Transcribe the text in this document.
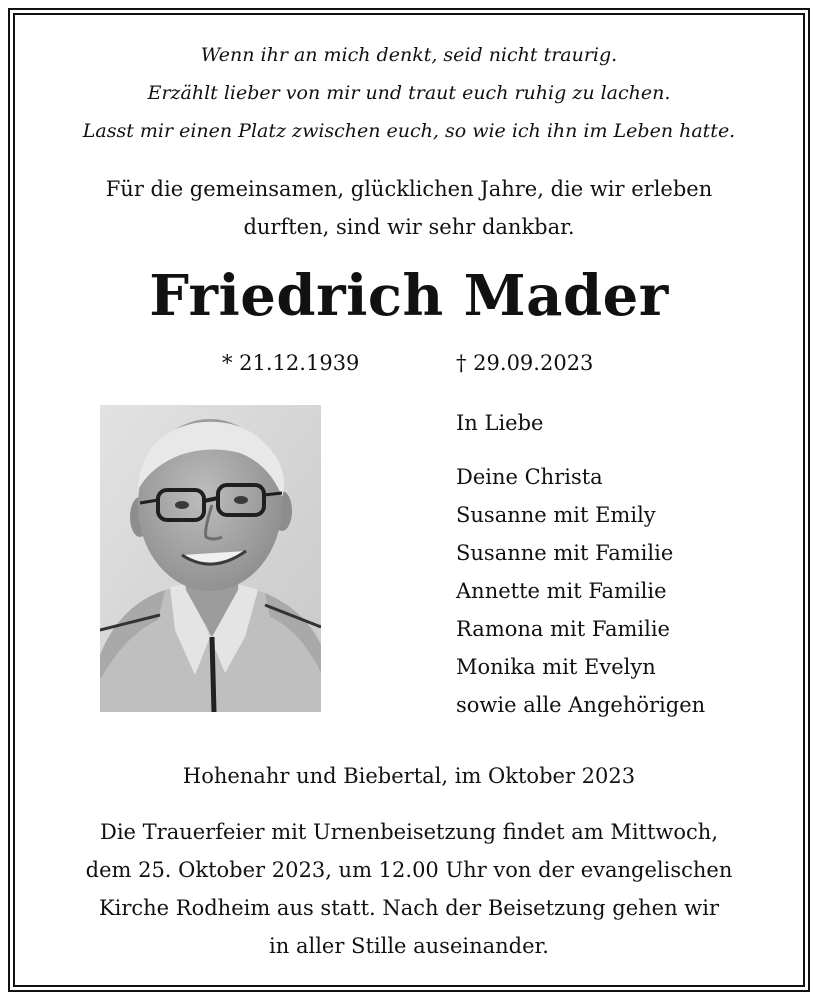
Wenn ihr an mich denkt, seid nicht traurig.
Erzählt lieber von mir und traut euch ruhig zu lachen.
Lasst mir einen Platz zwischen euch, so wie ich ihn im Leben hatte.
Für die gemeinsamen, glücklichen Jahre, die wir erleben
durften, sind wir sehr dankbar.
Friedrich Mader
* 21.12.1939	† 29.09.2023
In Liebe
Deine Christa
Susanne mit Emily
Susanne mit Familie
Annette mit Familie
Ramona mit Familie
Monika mit Evelyn
sowie alle Angehörigen
Hohenahr und Biebertal, im Oktober 2023
Die Trauerfeier mit Urnenbeisetzung findet am Mittwoch,
dem 25. Oktober 2023, um 12.00 Uhr von der evangelischen
Kirche Rodheim aus statt. Nach der Beisetzung gehen wir
in aller Stille auseinander.
